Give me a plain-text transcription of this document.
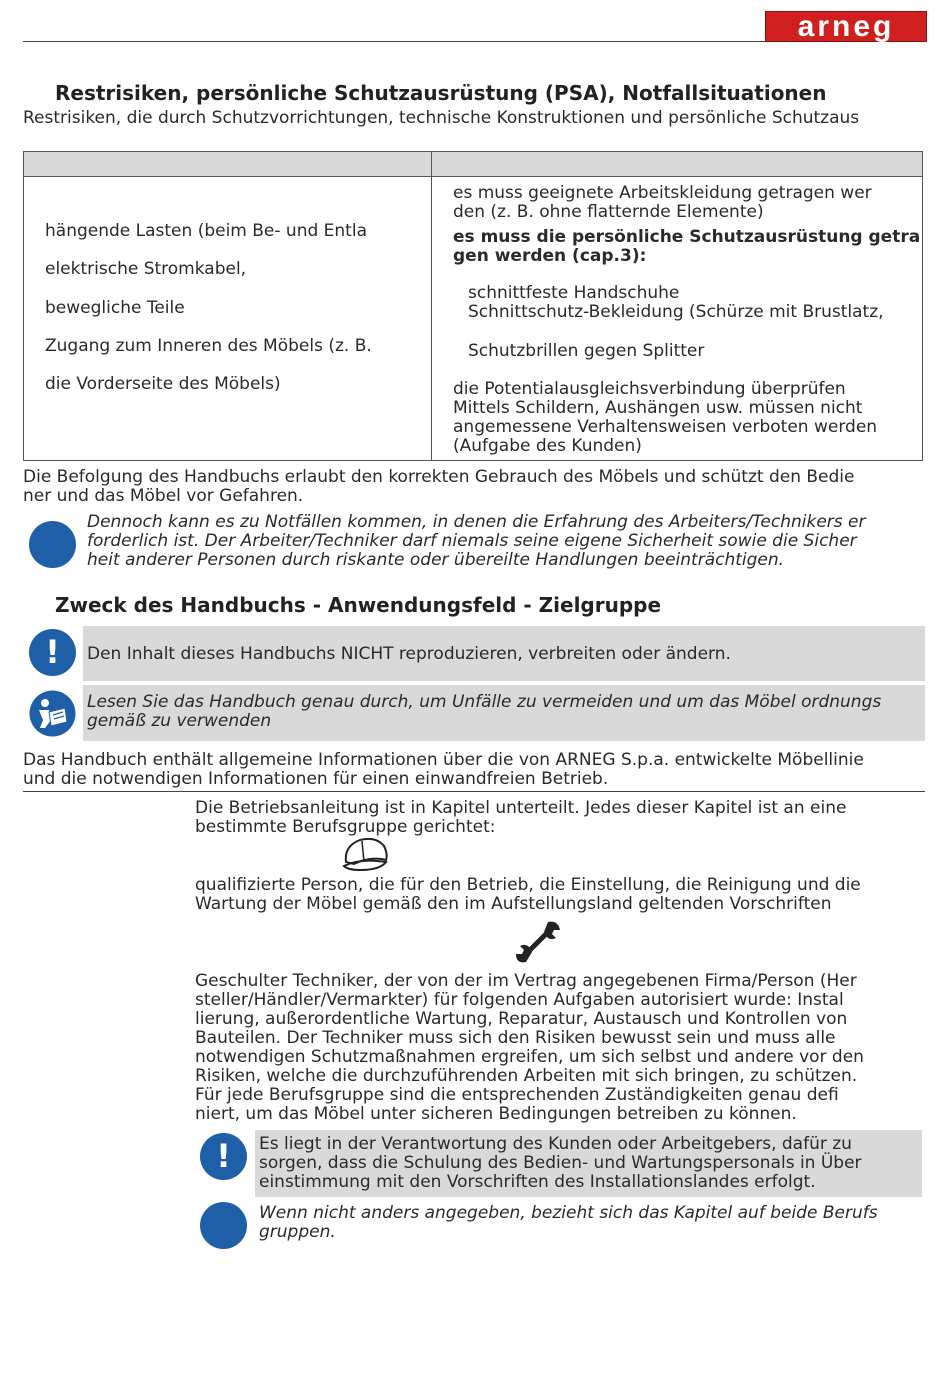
arneg
Restrisiken, persönliche Schutzausrüstung (PSA), Notfallsituationen
Restrisiken, die durch Schutzvorrichtungen, technische Konstruktionen und persönliche Schutzaus
hängende Lasten (beim Be- und Entla
elektrische Stromkabel,
bewegliche Teile
Zugang zum Inneren des Möbels (z. B.
die Vorderseite des Möbels)
es muss geeignete Arbeitskleidung getragen wer
den (z. B. ohne flatternde Elemente)
es muss die persönliche Schutzausrüstung getra
gen werden (cap.3):
schnittfeste Handschuhe
Schnittschutz-Bekleidung (Schürze mit Brustlatz,
Schutzbrillen gegen Splitter
die Potentialausgleichsverbindung überprüfen
Mittels Schildern, Aushängen usw. müssen nicht
angemessene Verhaltensweisen verboten werden
(Aufgabe des Kunden)
Die Befolgung des Handbuchs erlaubt den korrekten Gebrauch des Möbels und schützt den Bedie
ner und das Möbel vor Gefahren.
Dennoch kann es zu Notfällen kommen, in denen die Erfahrung des Arbeiters/Technikers er
forderlich ist. Der Arbeiter/Techniker darf niemals seine eigene Sicherheit sowie die Sicher
heit anderer Personen durch riskante oder übereilte Handlungen beeinträchtigen.
Zweck des Handbuchs - Anwendungsfeld - Zielgruppe
!	Den Inhalt dieses Handbuchs NICHT reproduzieren, verbreiten oder ändern.
Lesen Sie das Handbuch genau durch, um Unfälle zu vermeiden und um das Möbel ordnungs
gemäß zu verwenden
Das Handbuch enthält allgemeine Informationen über die von ARNEG S.p.a. entwickelte Möbellinie
und die notwendigen Informationen für einen einwandfreien Betrieb.
Die Betriebsanleitung ist in Kapitel unterteilt. Jedes dieser Kapitel ist an eine
bestimmte Berufsgruppe gerichtet:
qualifizierte Person, die für den Betrieb, die Einstellung, die Reinigung und die
Wartung der Möbel gemäß den im Aufstellungsland geltenden Vorschriften
Geschulter Techniker, der von der im Vertrag angegebenen Firma/Person (Her
steller/Händler/Vermarkter) für folgenden Aufgaben autorisiert wurde: Instal
lierung, außerordentliche Wartung, Reparatur, Austausch und Kontrollen von
Bauteilen. Der Techniker muss sich den Risiken bewusst sein und muss alle
notwendigen Schutzmaßnahmen ergreifen, um sich selbst und andere vor den
Risiken, welche die durchzuführenden Arbeiten mit sich bringen, zu schützen.
Für jede Berufsgruppe sind die entsprechenden Zuständigkeiten genau defi
niert, um das Möbel unter sicheren Bedingungen betreiben zu können.
!	Es liegt in der Verantwortung des Kunden oder Arbeitgebers, dafür zu
sorgen, dass die Schulung des Bedien- und Wartungspersonals in Über
einstimmung mit den Vorschriften des Installationslandes erfolgt.
Wenn nicht anders angegeben, bezieht sich das Kapitel auf beide Berufs
gruppen.
